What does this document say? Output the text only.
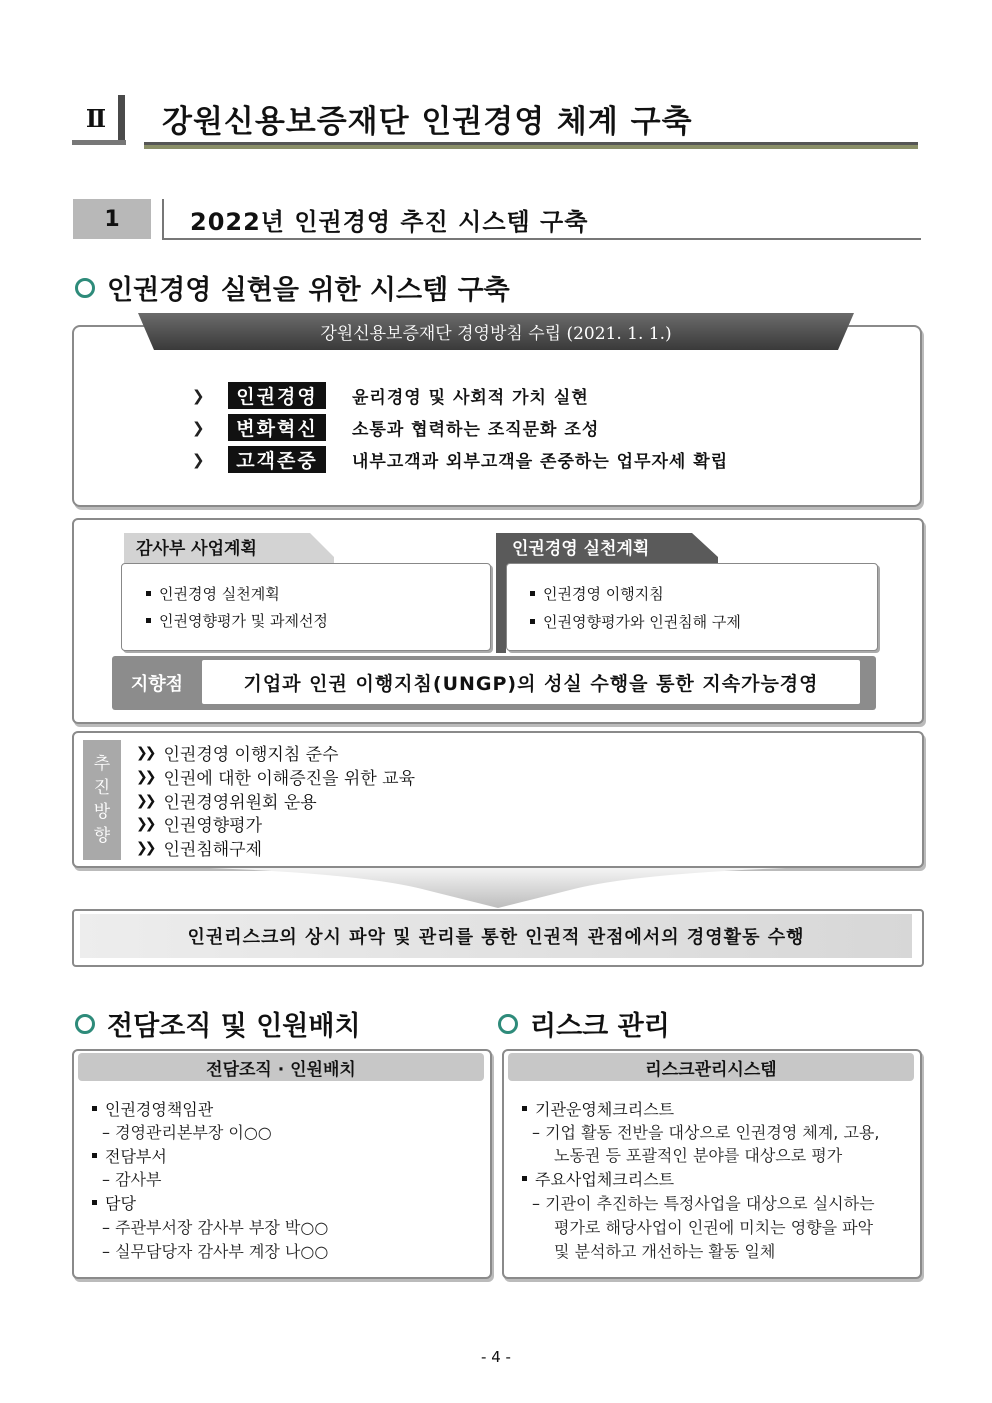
Ⅱ	강원신용보증재단 인권경영 체계 구축
1	2022년 인권경영 추진 시스템 구축
인권경영 실현을 위한 시스템 구축
강원신용보증재단 경영방침 수립 (2021. 1. 1.)
❯	인권경영	윤리경영 및 사회적 가치 실현
❯	변화혁신	소통과 협력하는 조직문화 조성
❯	고객존중	내부고객과 외부고객을 존중하는 업무자세 확립
감사부 사업계획
인권경영 실천계획
인권영향평가 및 과제선정
인권경영 실천계획
인권경영 이행지침
인권영향평가와 인권침해 구제
지향점	기업과 인권 이행지침(UNGP)의 성실 수행을 통한 지속가능경영
추
진
방
향
❯❯ 인권경영 이행지침 준수
❯❯ 인권에 대한 이해증진을 위한 교육
❯❯ 인권경영위원회 운용
❯❯ 인권영향평가
❯❯ 인권침해구제
인권리스크의 상시 파악 및 관리를 통한 인권적 관점에서의 경영활동 수행
전담조직 및 인원배치	리스크 관리
전담조직 · 인원배치
인권경영책임관
– 경영관리본부장 이○○
전담부서
– 감사부
담당
– 주관부서장 감사부 부장 박○○
– 실무담당자 감사부 계장 나○○
리스크관리시스템
기관운영체크리스트
– 기업 활동 전반을 대상으로 인권경영 체계, 고용,
노동권 등 포괄적인 분야를 대상으로 평가
주요사업체크리스트
– 기관이 추진하는 특정사업을 대상으로 실시하는
평가로 해당사업이 인권에 미치는 영향을 파악
및 분석하고 개선하는 활동 일체
- 4 -
